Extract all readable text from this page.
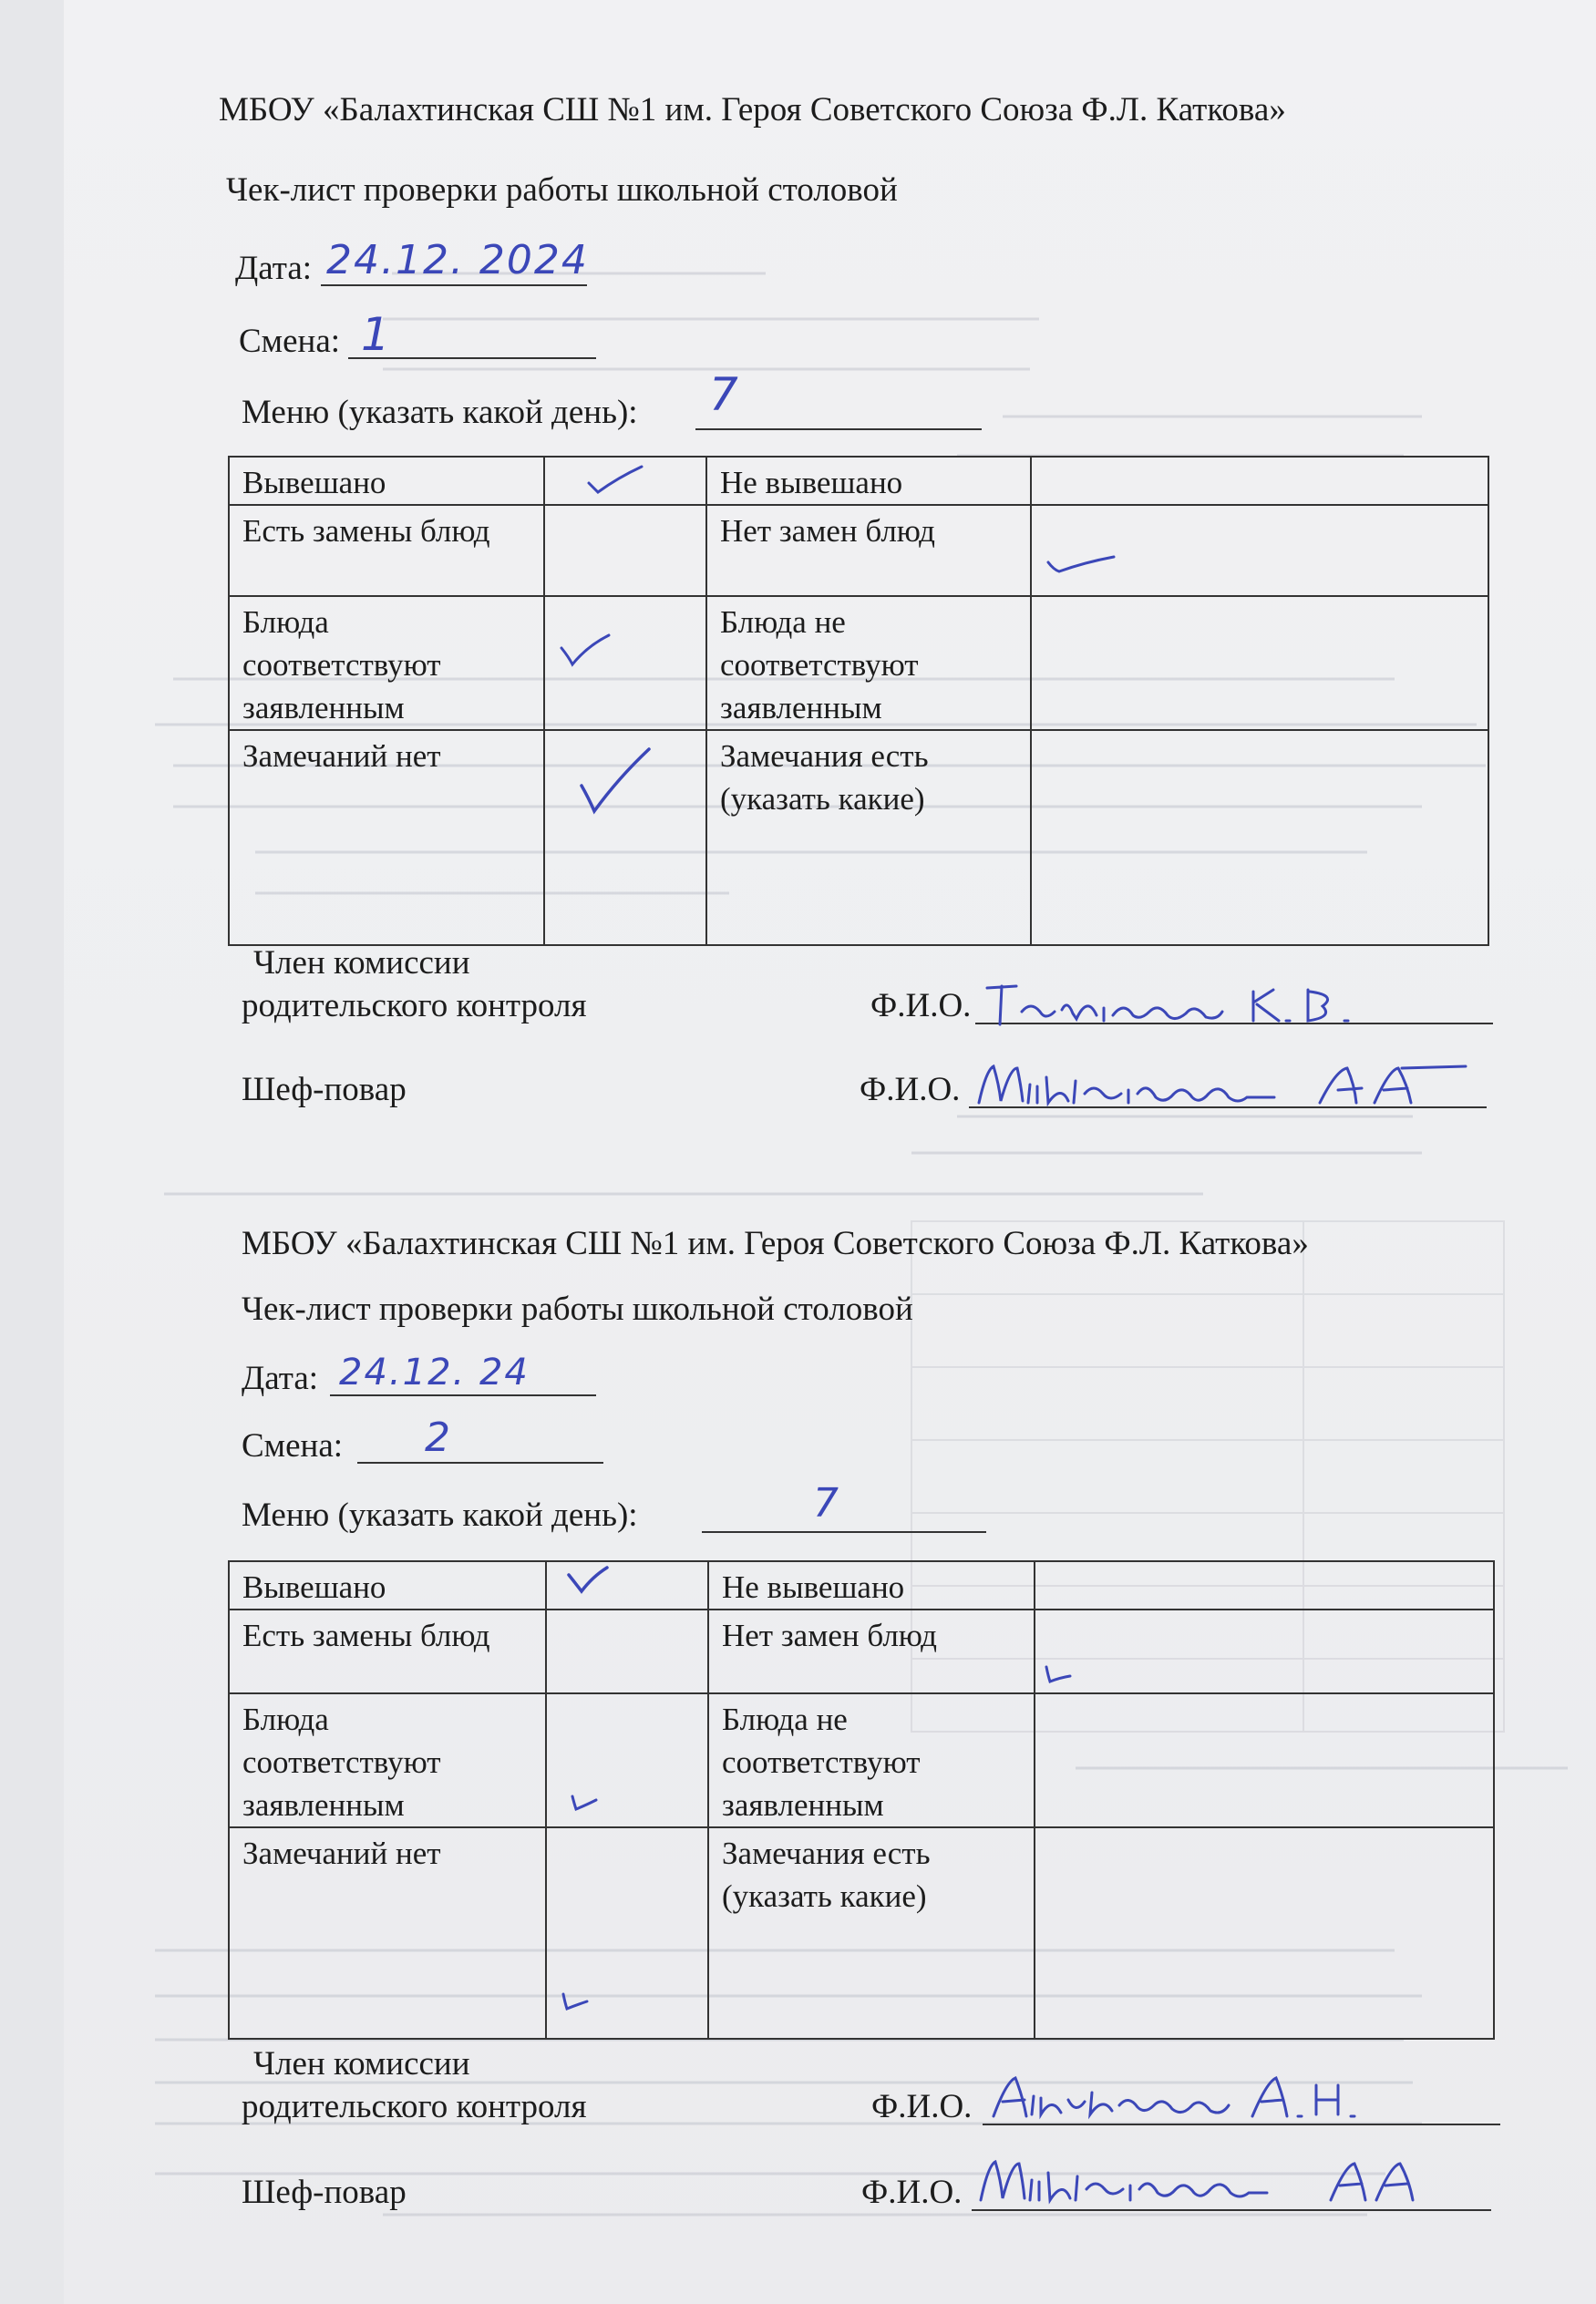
МБОУ «Балахтинская СШ №1 им. Героя Советского Союза Ф.Л. Каткова»
Чек-лист проверки работы школьной столовой
Дата: 24.12. 2024
Смена: 1
Меню (указать какой день): 7
Вывешано		Не вывешано	
Есть замены блюд		Нет замен блюд	

Блюда соответствуют заявленным		Блюда не соответствуют заявленным	
Замечаний нет		Замечания есть (указать какие)	
Член комиссии
родительского контроля	Ф.И.О.
Шеф-повар	Ф.И.О.
МБОУ «Балахтинская СШ №1 им. Героя Советского Союза Ф.Л. Каткова»
Чек-лист проверки работы школьной столовой
Дата: 24.12. 24
Смена: 2
Меню (указать какой день):	7
Вывешано		Не вывешано	
Есть замены блюд		Нет замен блюд	

Блюда соответствуют заявленным		Блюда не соответствуют заявленным	
Замечаний нет		Замечания есть (указать какие)	
Член комиссии
родительского контроля	Ф.И.О.
Шеф-повар	Ф.И.О.
